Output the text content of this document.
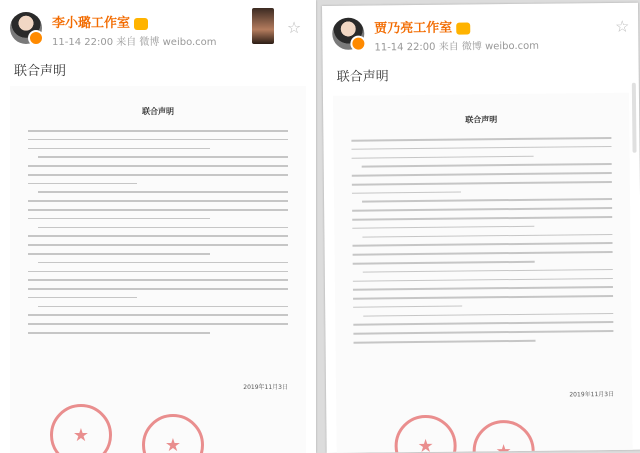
李小璐工作室
11-14 22:00 来自 微博 weibo.com
☆
联合声明
联合声明
2019年11月3日
★
★
贾乃亮工作室
11-14 22:00 来自 微博 weibo.com
☆
联合声明
联合声明
2019年11月3日
★
★
